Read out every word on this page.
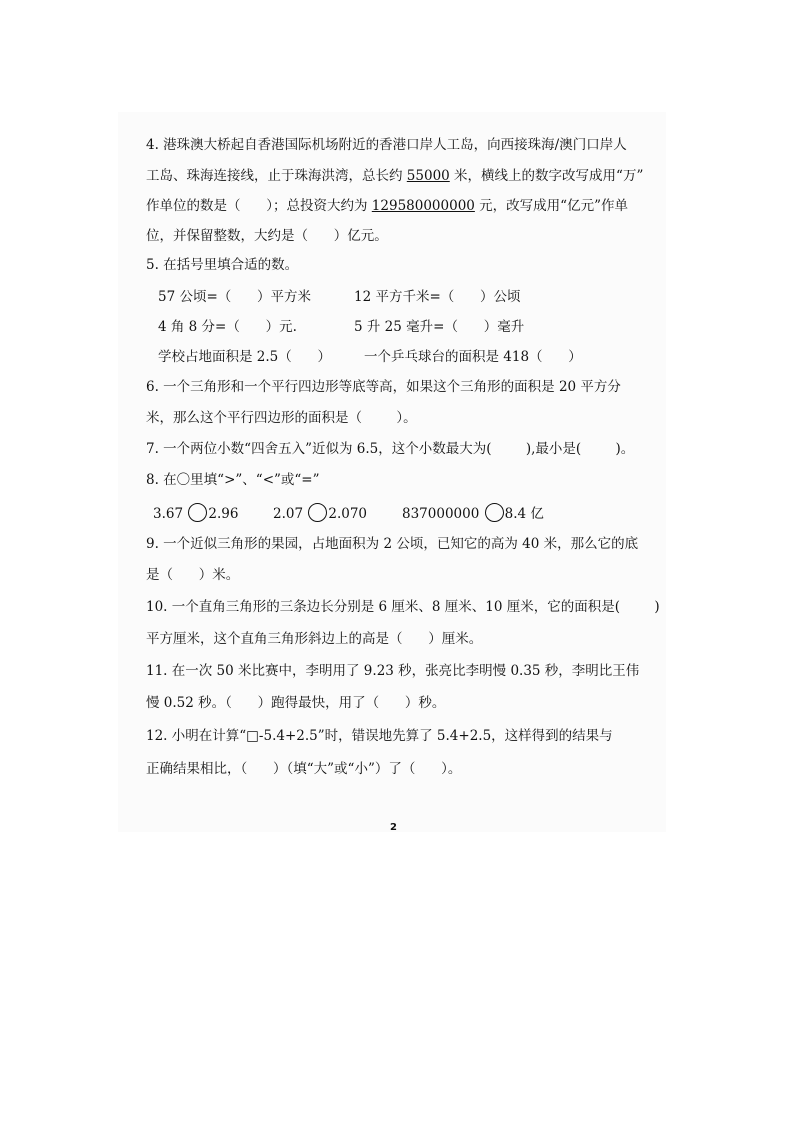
4. 港珠澳大桥起自香港国际机场附近的香港口岸人工岛，向西接珠海/澳门口岸人
工岛、珠海连接线，止于珠海洪湾，总长约 55000 米，横线上的数字改写成用“万”
作单位的数是（      ）；总投资大约为 129580000000 元，改写成用“亿元”作单
位，并保留整数，大约是（      ）亿元。
5. 在括号里填合适的数。
57 公顷=（      ）平方米	12 平方千米=（      ）公顷
4 角 8 分=（      ）元.	5 升 25 毫升=（      ）毫升
学校占地面积是 2.5（      ） 一个乒乓球台的面积是 418（      ）
6. 一个三角形和一个平行四边形等底等高，如果这个三角形的面积是 20 平方分
米，那么这个平行四边形的面积是（        ）。
7. 一个两位小数“四舍五入”近似为 6.5，这个小数最大为(        ),最小是(        )。
8. 在〇里填“>”、“<”或“=”
3.67 2.96	2.07 2.070	837000000 8.4 亿
9. 一个近似三角形的果园，占地面积为 2 公顷，已知它的高为 40 米，那么它的底
是（      ）米。
10. 一个直角三角形的三条边长分别是 6 厘米、8 厘米、10 厘米，它的面积是(        )
平方厘米，这个直角三角形斜边上的高是（      ）厘米。
11. 在一次 50 米比赛中，李明用了 9.23 秒，张亮比李明慢 0.35 秒，李明比王伟
慢 0.52 秒。（      ）跑得最快，用了（      ）秒。
12. 小明在计算“□-5.4+2.5”时，错误地先算了 5.4+2.5，这样得到的结果与
正确结果相比，（      ）（填“大”或“小”）了（      ）。
2
